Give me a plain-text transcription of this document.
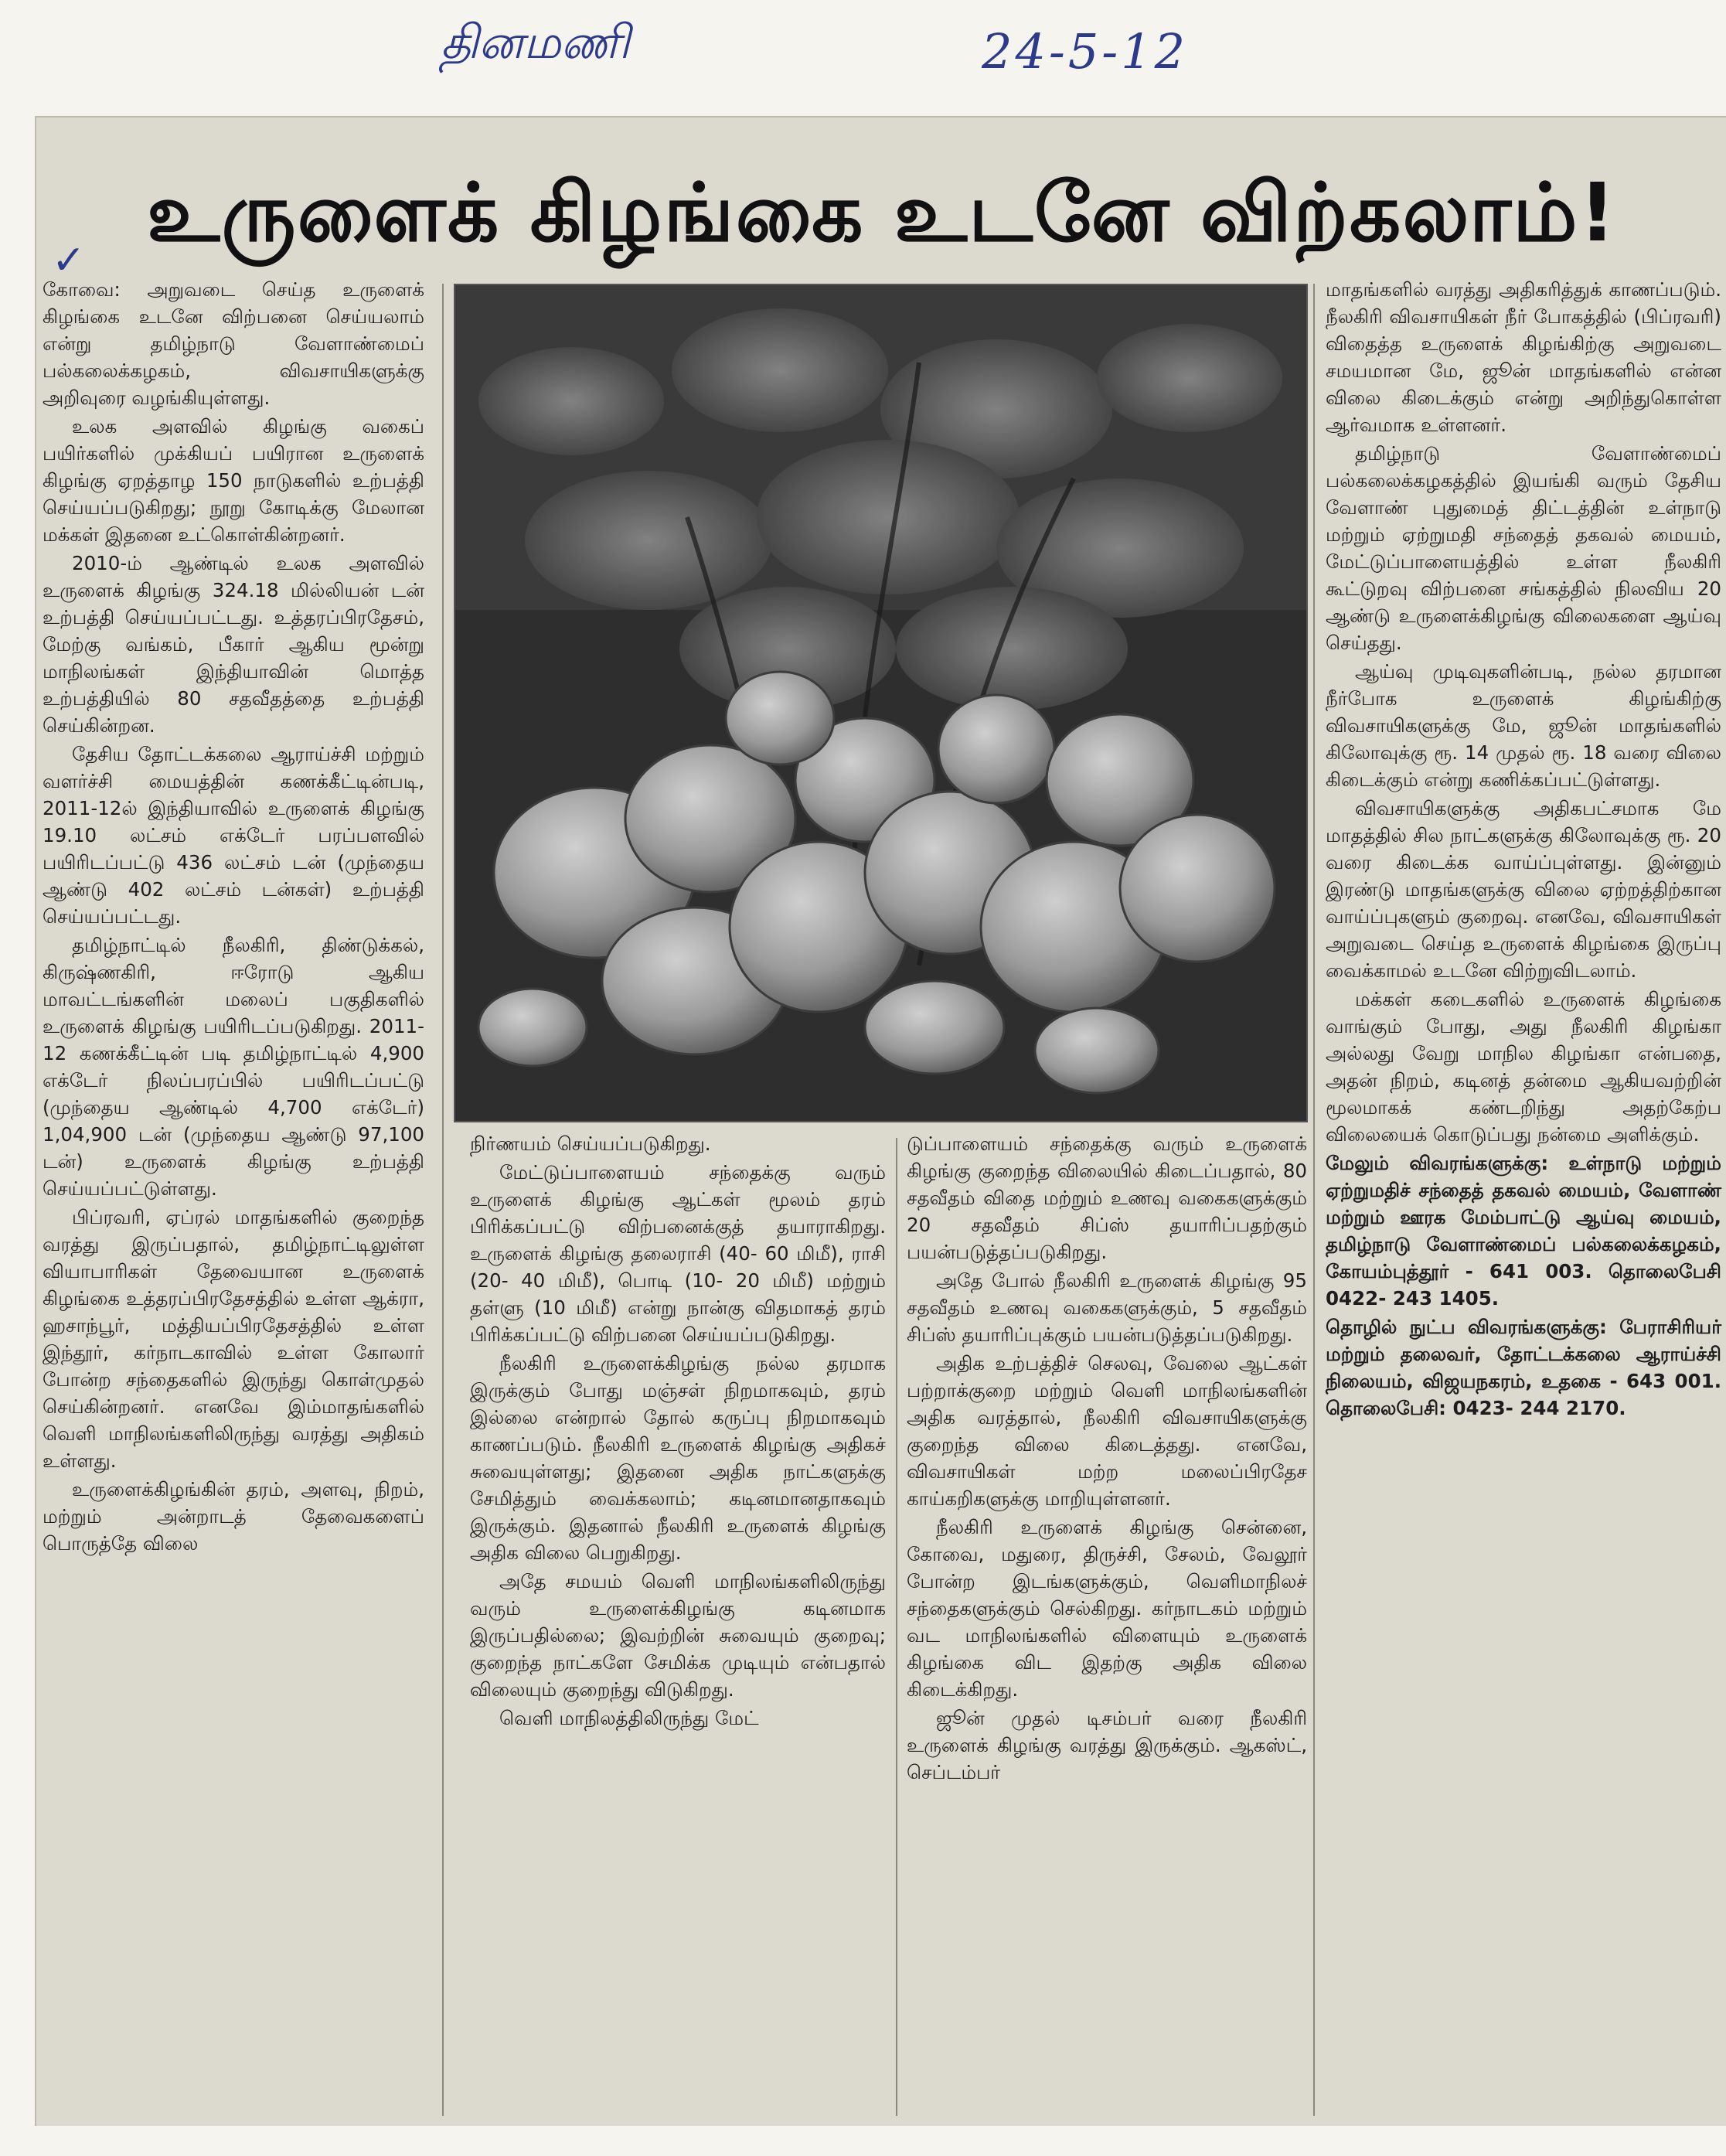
தினமணி	24-5-12
✓
உருளைக் கிழங்கை உடனே விற்கலாம்!

கோவை: அறுவடை செய்த உருளைக் கிழங்கை உடனே விற்பனை செய்யலாம் என்று தமிழ்நாடு வேளாண்மைப் பல்கலைக்கழகம், விவசாயிகளுக்கு அறிவுரை வழங்கியுள்ளது.

உலக அளவில் கிழங்கு வகைப் பயிர்களில் முக்கியப் பயிரான உருளைக் கிழங்கு ஏறத்தாழ 150 நாடுகளில் உற்பத்தி செய்யப்படுகிறது; நூறு கோடிக்கு மேலான மக்கள் இதனை உட்கொள்கின்றனர்.

2010-ம் ஆண்டில் உலக அளவில் உருளைக் கிழங்கு 324.18 மில்லியன் டன் உற்பத்தி செய்யப்பட்டது. உத்தரப்பிரதேசம், மேற்கு வங்கம், பீகார் ஆகிய மூன்று மாநிலங்கள் இந்தியாவின் மொத்த உற்பத்தியில் 80 சதவீதத்தை உற்பத்தி செய்கின்றன.

தேசிய தோட்டக்கலை ஆராய்ச்சி மற்றும் வளர்ச்சி மையத்தின் கணக்கீட்டின்படி, 2011-12ல் இந்தியாவில் உருளைக் கிழங்கு 19.10 லட்சம் எக்டேர் பரப்பளவில் பயிரிடப்பட்டு 436 லட்சம் டன் (முந்தைய ஆண்டு 402 லட்சம் டன்கள்) உற்பத்தி செய்யப்பட்டது.

தமிழ்நாட்டில் நீலகிரி, திண்டுக்கல், கிருஷ்ணகிரி, ஈரோடு ஆகிய மாவட்டங்களின் மலைப் பகுதிகளில் உருளைக் கிழங்கு பயிரிடப்படுகிறது. 2011-12 கணக்கீட்டின் படி தமிழ்நாட்டில் 4,900 எக்டேர் நிலப்பரப்பில் பயிரிடப்பட்டு (முந்தைய ஆண்டில் 4,700 எக்டேர்) 1,04,900 டன் (முந்தைய ஆண்டு 97,100 டன்) உருளைக் கிழங்கு உற்பத்தி செய்யப்பட்டுள்ளது.

பிப்ரவரி, ஏப்ரல் மாதங்களில் குறைந்த வரத்து இருப்பதால், தமிழ்நாட்டிலுள்ள வியாபாரிகள் தேவையான உருளைக் கிழங்கை உத்தரப்பிரதேசத்தில் உள்ள ஆக்ரா, ஹசாந்பூர், மத்தியப்பிரதேசத்தில் உள்ள இந்தூர், கர்நாடகாவில் உள்ள கோலார் போன்ற சந்தைகளில் இருந்து கொள்முதல் செய்கின்றனர். எனவே இம்மாதங்களில் வெளி மாநிலங்களிலிருந்து வரத்து அதிகம் உள்ளது.

உருளைக்கிழங்கின் தரம், அளவு, நிறம், மற்றும் அன்றாடத் தேவைகளைப் பொருத்தே விலை

நிர்ணயம் செய்யப்படுகிறது.

மேட்டுப்பாளையம் சந்தைக்கு வரும் உருளைக் கிழங்கு ஆட்கள் மூலம் தரம் பிரிக்கப்பட்டு விற்பனைக்குத் தயாராகிறது. உருளைக் கிழங்கு தலைராசி (40- 60 மிமீ), ராசி (20- 40 மிமீ), பொடி (10- 20 மிமீ) மற்றும் தள்ளு (10 மிமீ) என்று நான்கு விதமாகத் தரம் பிரிக்கப்பட்டு விற்பனை செய்யப்படுகிறது.

நீலகிரி உருளைக்கிழங்கு நல்ல தரமாக இருக்கும் போது மஞ்சள் நிறமாகவும், தரம் இல்லை என்றால் தோல் கருப்பு நிறமாகவும் காணப்படும். நீலகிரி உருளைக் கிழங்கு அதிகச் சுவையுள்ளது; இதனை அதிக நாட்களுக்கு சேமித்தும் வைக்கலாம்; கடினமானதாகவும் இருக்கும். இதனால் நீலகிரி உருளைக் கிழங்கு அதிக விலை பெறுகிறது.

அதே சமயம் வெளி மாநிலங்களிலிருந்து வரும் உருளைக்கிழங்கு கடினமாக இருப்பதில்லை; இவற்றின் சுவையும் குறைவு; குறைந்த நாட்களே சேமிக்க முடியும் என்பதால் விலையும் குறைந்து விடுகிறது.

வெளி மாநிலத்திலிருந்து மேட்

டுப்பாளையம் சந்தைக்கு வரும் உருளைக் கிழங்கு குறைந்த விலையில் கிடைப்பதால், 80 சதவீதம் விதை மற்றும் உணவு வகைகளுக்கும் 20 சதவீதம் சிப்ஸ் தயாரிப்பதற்கும் பயன்படுத்தப்படுகிறது.

அதே போல் நீலகிரி உருளைக் கிழங்கு 95 சதவீதம் உணவு வகைகளுக்கும், 5 சதவீதம் சிப்ஸ் தயாரிப்புக்கும் பயன்படுத்தப்படுகிறது.

அதிக உற்பத்திச் செலவு, வேலை ஆட்கள் பற்றாக்குறை மற்றும் வெளி மாநிலங்களின் அதிக வரத்தால், நீலகிரி விவசாயிகளுக்கு குறைந்த விலை கிடைத்தது. எனவே, விவசாயிகள் மற்ற மலைப்பிரதேச காய்கறிகளுக்கு மாறியுள்ளனர்.

நீலகிரி உருளைக் கிழங்கு சென்னை, கோவை, மதுரை, திருச்சி, சேலம், வேலூர் போன்ற இடங்களுக்கும், வெளிமாநிலச் சந்தைகளுக்கும் செல்கிறது. கர்நாடகம் மற்றும் வட மாநிலங்களில் விளையும் உருளைக் கிழங்கை விட இதற்கு அதிக விலை கிடைக்கிறது.

ஜூன் முதல் டிசம்பர் வரை நீலகிரி உருளைக் கிழங்கு வரத்து இருக்கும். ஆகஸ்ட், செப்டம்பர்

மாதங்களில் வரத்து அதிகரித்துக் காணப்படும். நீலகிரி விவசாயிகள் நீர் போகத்தில் (பிப்ரவரி) விதைத்த உருளைக் கிழங்கிற்கு அறுவடை சமயமான மே, ஜூன் மாதங்களில் என்ன விலை கிடைக்கும் என்று அறிந்துகொள்ள ஆர்வமாக உள்ளனர்.

தமிழ்நாடு வேளாண்மைப் பல்கலைக்கழகத்தில் இயங்கி வரும் தேசிய வேளாண் புதுமைத் திட்டத்தின் உள்நாடு மற்றும் ஏற்றுமதி சந்தைத் தகவல் மையம், மேட்டுப்பாளையத்தில் உள்ள நீலகிரி கூட்டுறவு விற்பனை சங்கத்தில் நிலவிய 20 ஆண்டு உருளைக்கிழங்கு விலைகளை ஆய்வு செய்தது.

ஆய்வு முடிவுகளின்படி, நல்ல தரமான நீர்போக உருளைக் கிழங்கிற்கு விவசாயிகளுக்கு மே, ஜூன் மாதங்களில் கிலோவுக்கு ரூ. 14 முதல் ரூ. 18 வரை விலை கிடைக்கும் என்று கணிக்கப்பட்டுள்ளது.

விவசாயிகளுக்கு அதிகபட்சமாக மே மாதத்தில் சில நாட்களுக்கு கிலோவுக்கு ரூ. 20 வரை கிடைக்க வாய்ப்புள்ளது. இன்னும் இரண்டு மாதங்களுக்கு விலை ஏற்றத்திற்கான வாய்ப்புகளும் குறைவு. எனவே, விவசாயிகள் அறுவடை செய்த உருளைக் கிழங்கை இருப்பு வைக்காமல் உடனே விற்றுவிடலாம்.

மக்கள் கடைகளில் உருளைக் கிழங்கை வாங்கும் போது, அது நீலகிரி கிழங்கா அல்லது வேறு மாநில கிழங்கா என்பதை, அதன் நிறம், கடினத் தன்மை ஆகியவற்றின் மூலமாகக் கண்டறிந்து அதற்கேற்ப விலையைக் கொடுப்பது நன்மை அளிக்கும்.

மேலும் விவரங்களுக்கு: உள்நாடு மற்றும் ஏற்றுமதிச் சந்தைத் தகவல் மையம், வேளாண் மற்றும் ஊரக மேம்பாட்டு ஆய்வு மையம், தமிழ்நாடு வேளாண்மைப் பல்கலைக்கழகம், கோயம்புத்தூர் - 641 003. தொலைபேசி 0422- 243 1405.

தொழில் நுட்ப விவரங்களுக்கு: பேராசிரியர் மற்றும் தலைவர், தோட்டக்கலை ஆராய்ச்சி நிலையம், விஜயநகரம், உதகை - 643 001. தொலைபேசி: 0423- 244 2170.
